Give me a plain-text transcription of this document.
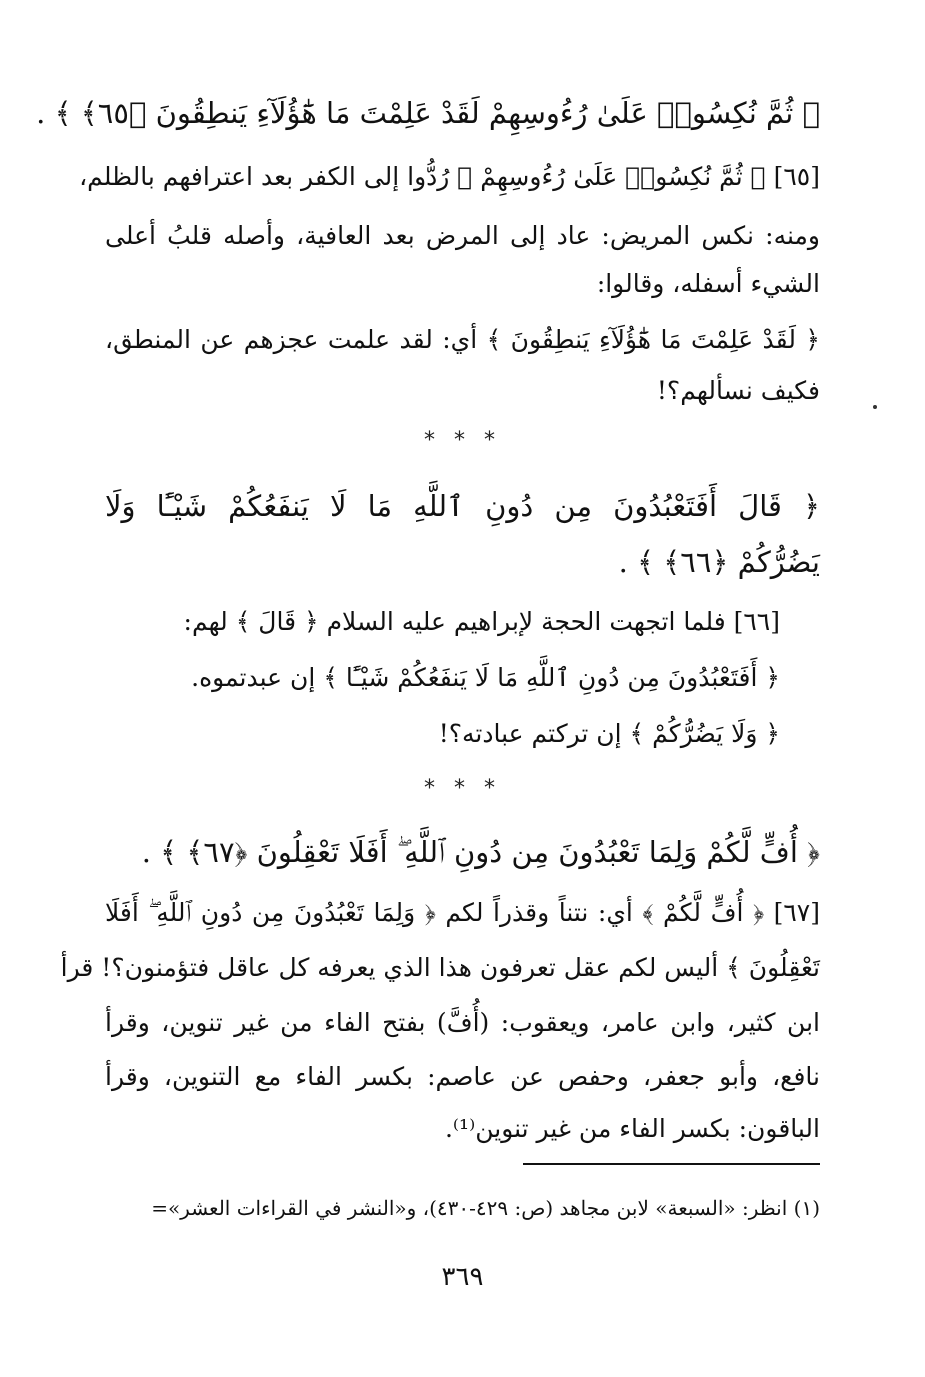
﴿ ثُمَّ نُكِسُوا۟ عَلَىٰ رُءُوسِهِمْ لَقَدْ عَلِمْتَ مَا هَٰٓؤُلَآءِ يَنطِقُونَ ﴿٦٥﴾ ﴾ .
[٦٥] ﴿ ثُمَّ نُكِسُوا۟ عَلَىٰ رُءُوسِهِمْ ﴾ رُدُّوا إلى الكفر بعد اعترافهم بالظلم،
ومنه: نكس المريض: عاد إلى المرض بعد العافية، وأصله قلبُ أعلى
الشيء أسفله، وقالوا:
﴿ لَقَدْ عَلِمْتَ مَا هَٰٓؤُلَآءِ يَنطِقُونَ ﴾ أي: لقد علمت عجزهم عن المنطق،
فكيف نسألهم؟!
* * *
﴿ قَالَ أَفَتَعْبُدُونَ مِن دُونِ ٱللَّهِ مَا لَا يَنفَعُكُمْ شَيْـًٔا وَلَا
يَضُرُّكُمْ ﴿٦٦﴾ ﴾ .
[٦٦] فلما اتجهت الحجة لإبراهيم عليه السلام ﴿ قَالَ ﴾ لهم:
﴿ أَفَتَعْبُدُونَ مِن دُونِ ٱللَّهِ مَا لَا يَنفَعُكُمْ شَيْـًٔا ﴾ إن عبدتموه.
﴿ وَلَا يَضُرُّكُمْ ﴾ إن تركتم عبادته؟!
* * *
﴿ أُفٍّ لَّكُمْ وَلِمَا تَعْبُدُونَ مِن دُونِ ٱللَّهِ ۖ أَفَلَا تَعْقِلُونَ ﴿٦٧﴾ ﴾ .
[٦٧] ﴿ أُفٍّ لَّكُمْ ﴾ أي: نتناً وقذراً لكم ﴿ وَلِمَا تَعْبُدُونَ مِن دُونِ ٱللَّهِ ۖ أَفَلَا
تَعْقِلُونَ ﴾ أليس لكم عقل تعرفون هذا الذي يعرفه كل عاقل فتؤمنون؟! قرأ
ابن كثير، وابن عامر، ويعقوب: (أُفَّ) بفتح الفاء من غير تنوين، وقرأ
نافع، وأبو جعفر، وحفص عن عاصم: بكسر الفاء مع التنوين، وقرأ
الباقون: بكسر الفاء من غير تنوين⁽¹⁾.
(١) انظر: «السبعة» لابن مجاهد (ص: ٤٢٩-٤٣٠)، و«النشر في القراءات العشر»=
٣٦٩
